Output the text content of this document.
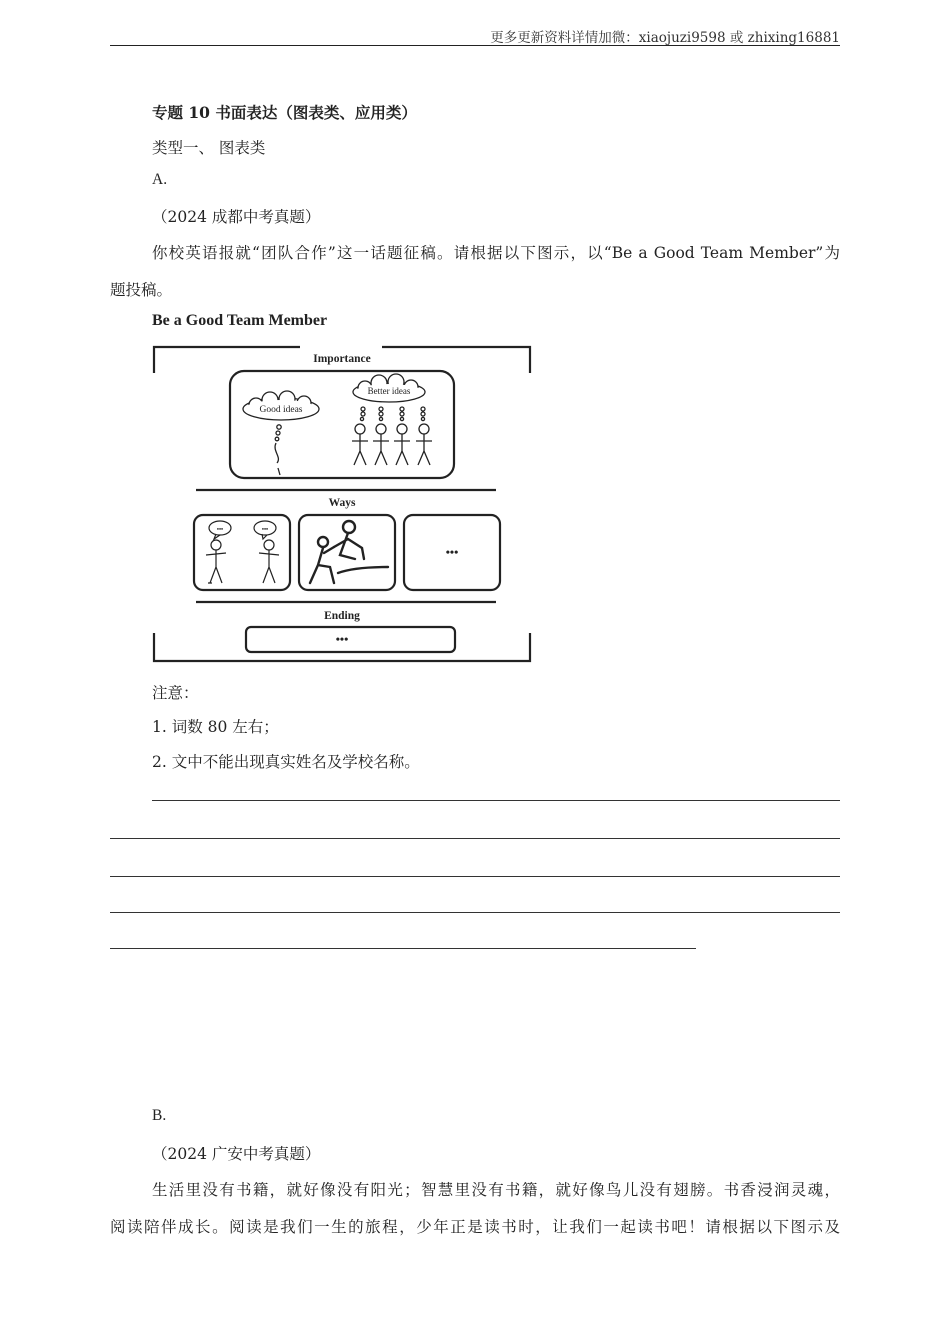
更多更新资料详情加微：xiaojuzi9598 或 zhixing16881
专题 10 书面表达（图表类、应用类）
类型一、 图表类
A.
（2024 成都中考真题）
你校英语报就“团队合作”这一话题征稿。请根据以下图示，以“Be a Good Team Member”为
题投稿。
Be a Good Team Member
Importance
Good ideas
Better ideas
Ways
•••	•••
•••
Ending
•••
注意：
1. 词数 80 左右；
2. 文中不能出现真实姓名及学校名称。
B.
（2024 广安中考真题）
生活里没有书籍，就好像没有阳光；智慧里没有书籍，就好像鸟儿没有翅膀。书香浸润灵魂，
阅读陪伴成长。阅读是我们一生的旅程，少年正是读书时，让我们一起读书吧！请根据以下图示及
